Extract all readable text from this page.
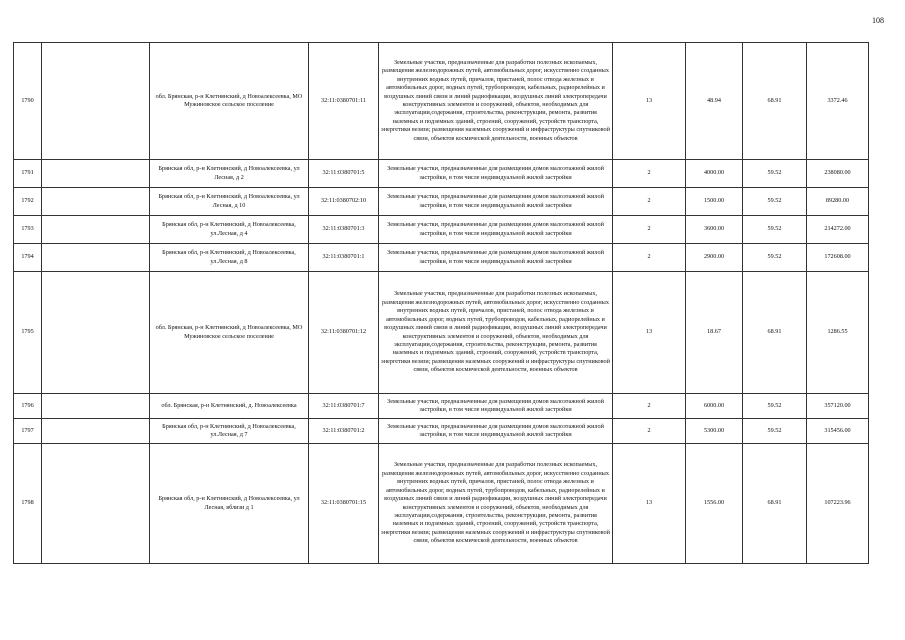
108
1790		обл. Брянская, р-н Клетнянский, д Новоалексеевка, МО Мужиновское сельское поселение	32:11:0380701:11	Земельные участки, предназначенные для разработки полезных ископаемых, размещения железнодорожных путей, автомобильных дорог, искусственно созданных внутренних водных путей, причалов, пристаней, полос отвода железных и автомобильных дорог, водных путей, трубопроводов, кабельных, радиорелейных и воздушных линий связи и линий радиофикации, воздушных линий электропередачи конструктивных элементов и сооружений, объектов, необходимых для эксплуатации,содержания, строительства, реконструкции, ремонта, развития наземных и подземных зданий, строений, сооружений, устройств транспорта, энергетики везязи; размещения наземных сооружений и инфраструктуры спутниковой связи, объектов космической деятельности, военных объектов	13	48.94	68.91	3372.46
1791		Брянская обл, р-н Клетнянский, д Новоалексеевка, ул Лесная, д 2	32:11:0380701:5	Земельные участки, предназначенные для размещения домов малоэтажной жилой застройки, в том числе индивидуальной жилой застройки	2	4000.00	59.52	238080.00
1792		Брянская обл, р-н Клетнянский, д Новоалексеевка, ул Лесная, д 10	32:11:0380702:10	Земельные участки, предназначенные для размещения домов малоэтажной жилой застройки, в том числе индивидуальной жилой застройки	2	1500.00	59.52	89280.00
1793		Брянская обл, р-н Клетнянский, д Новоалексеевка, ул.Лесная, д 4	32:11:0380701:3	Земельные участки, предназначенные для размещения домов малоэтажной жилой застройки, в том числе индивидуальной жилой застройки	2	3600.00	59.52	214272.00
1794		Брянская обл, р-н Клетнянский, д Новоалексеевка, ул.Лесная, д 8	32:11:0380701:1	Земельные участки, предназначенные для размещения домов малоэтажной жилой застройки, в том числе индивидуальной жилой застройки	2	2900.00	59.52	172608.00
1795		обл. Брянская, р-н Клетнянский, д Новоалексеевка, МО Мужиновское сельское поселение	32:11:0380701:12	Земельные участки, предназначенные для разработки полезных ископаемых, размещения железнодорожных путей, автомобильных дорог, искусственно созданных внутренних водных путей, причалов, пристаней, полос отвода железных и автомобильных дорог, водных путей, трубопроводов, кабельных, радиорелейных и воздушных линий связи и линий радиофикации, воздушных линий электропередачи конструктивных элементов и сооружений, объектов, необходимых для эксплуатации,содержания, строительства, реконструкции, ремонта, развития наземных и подземных зданий, строений, сооружений, устройств транспорта, энергетики везязи; размещения наземных сооружений и инфраструктуры спутниковой связи, объектов космической деятельности, военных объектов	13	18.67	68.91	1286.55
1796		обл. Брянская, р-н Клетнянский, д. Новоалексеевка	32:11:0380701:7	Земельные участки, предназначенные для размещения домов малоэтажной жилой застройки, в том числе индивидуальной жилой застройки	2	6000.00	59.52	357120.00
1797		Брянская обл, р-н Клетнянский, д Новоалексеевка, ул.Лесная, д 7	32:11:0380701:2	Земельные участки, предназначенные для размещения домов малоэтажной жилой застройки, в том числе индивидуальной жилой застройки	2	5300.00	59.52	315456.00
1798		Брянская обл, р-н Клетнянский, д Новоалексеевка, ул Лесная, вблизи д 1	32:11:0380701:15	Земельные участки, предназначенные для разработки полезных ископаемых, размещения железнодорожных путей, автомобильных дорог, искусственно созданных внутренних водных путей, причалов, пристаней, полос отвода железных и автомобильных дорог, водных путей, трубопроводов, кабельных, радиорелейных и воздушных линий связи и линий радиофикации, воздушных линий электропередачи конструктивных элементов и сооружений, объектов, необходимых для эксплуатации,содержания, строительства, реконструкции, ремонта, развития наземных и подземных зданий, строений, сооружений, устройств транспорта, энергетики везязи; размещения наземных сооружений и инфраструктуры спутниковой связи, объектов космической деятельности, военных объектов	13	1556.00	68.91	107223.96
